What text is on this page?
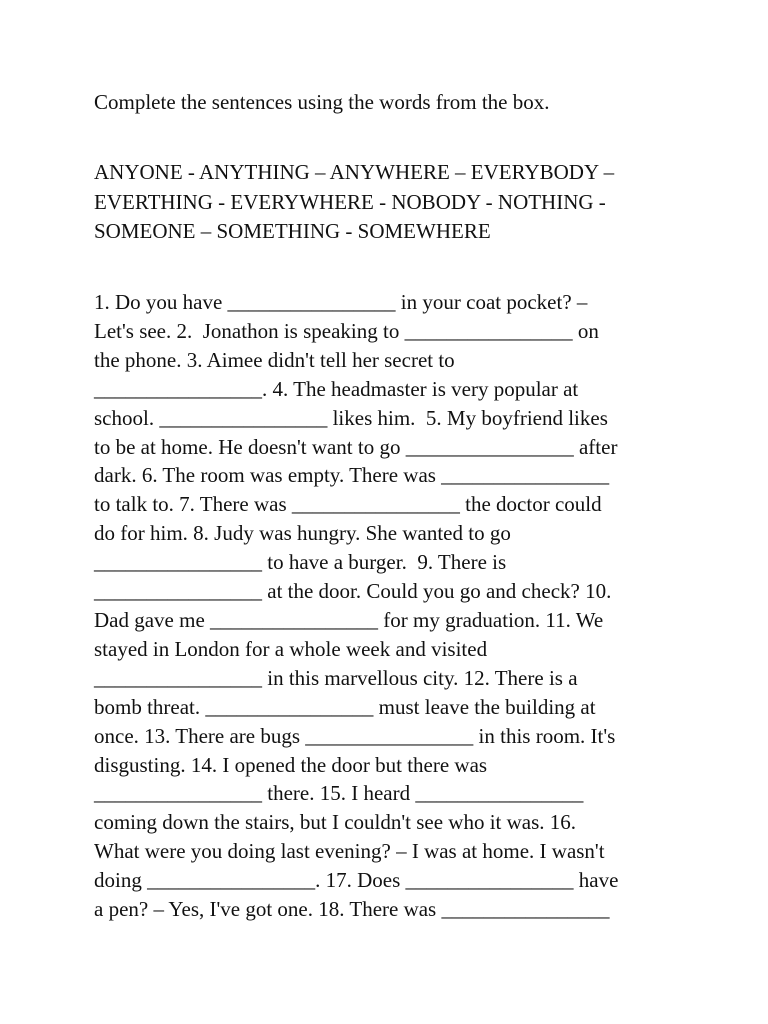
Complete the sentences using the words from the box.

ANYONE - ANYTHING – ANYWHERE – EVERYBODY –
EVERTHING - EVERYWHERE - NOBODY - NOTHING -
SOMEONE – SOMETHING - SOMEWHERE
1. Do you have ________________ in your coat pocket? –
Let's see. 2.  Jonathon is speaking to ________________ on
the phone. 3. Aimee didn't tell her secret to
________________. 4. The headmaster is very popular at
school. ________________ likes him.  5. My boyfriend likes
to be at home. He doesn't want to go ________________ after
dark. 6. The room was empty. There was ________________
to talk to. 7. There was ________________ the doctor could
do for him. 8. Judy was hungry. She wanted to go
________________ to have a burger.  9. There is
________________ at the door. Could you go and check? 10.
Dad gave me ________________ for my graduation. 11. We
stayed in London for a whole week and visited
________________ in this marvellous city. 12. There is a
bomb threat. ________________ must leave the building at
once. 13. There are bugs ________________ in this room. It's
disgusting. 14. I opened the door but there was
________________ there. 15. I heard ________________
coming down the stairs, but I couldn't see who it was. 16.
What were you doing last evening? – I was at home. I wasn't
doing ________________. 17. Does ________________ have
a pen? – Yes, I've got one. 18. There was ________________
